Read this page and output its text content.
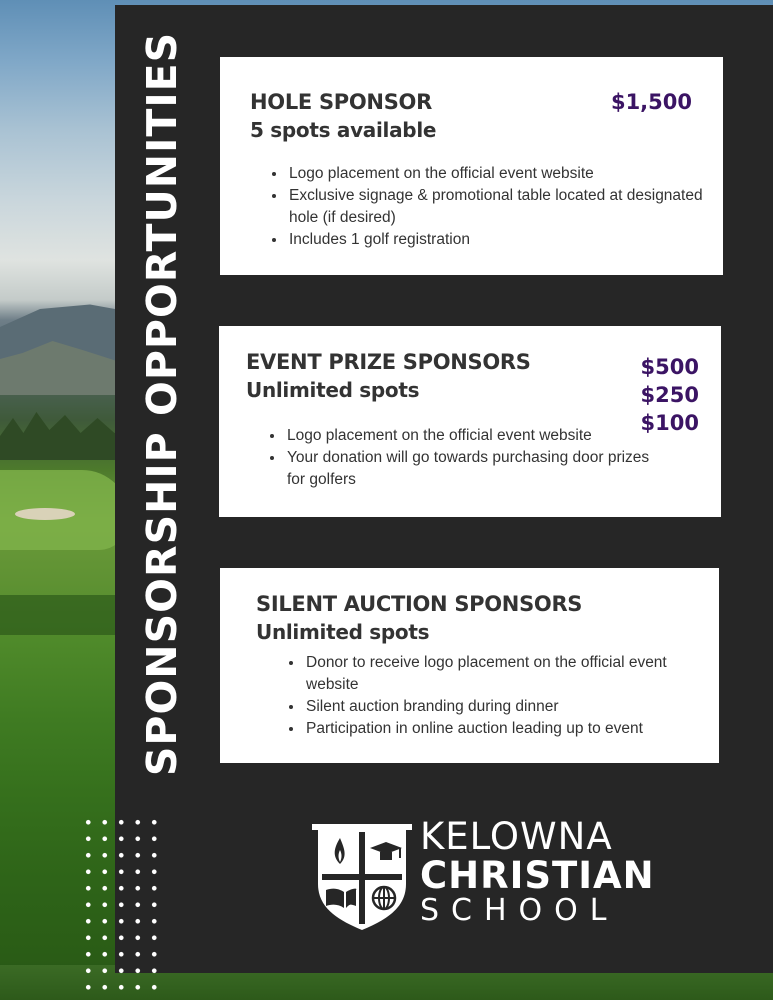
SPONSORSHIP OPPORTUNITIES	HOLE SPONSOR
5 spots available
$1,500
• Logo placement on the official event website
• Exclusive signage & promotional table located at designated hole (if desired)
• Includes 1 golf registration
EVENT PRIZE SPONSORS
Unlimited spots
$500
$250
$100
• Logo placement on the official event website
• Your donation will go towards purchasing door prizes for golfers
SILENT AUCTION SPONSORS
Unlimited spots
• Donor to receive logo placement on the official event website
• Silent auction branding during dinner
• Participation in online auction leading up to event
KELOWNA
CHRISTIAN
SCHOOL
